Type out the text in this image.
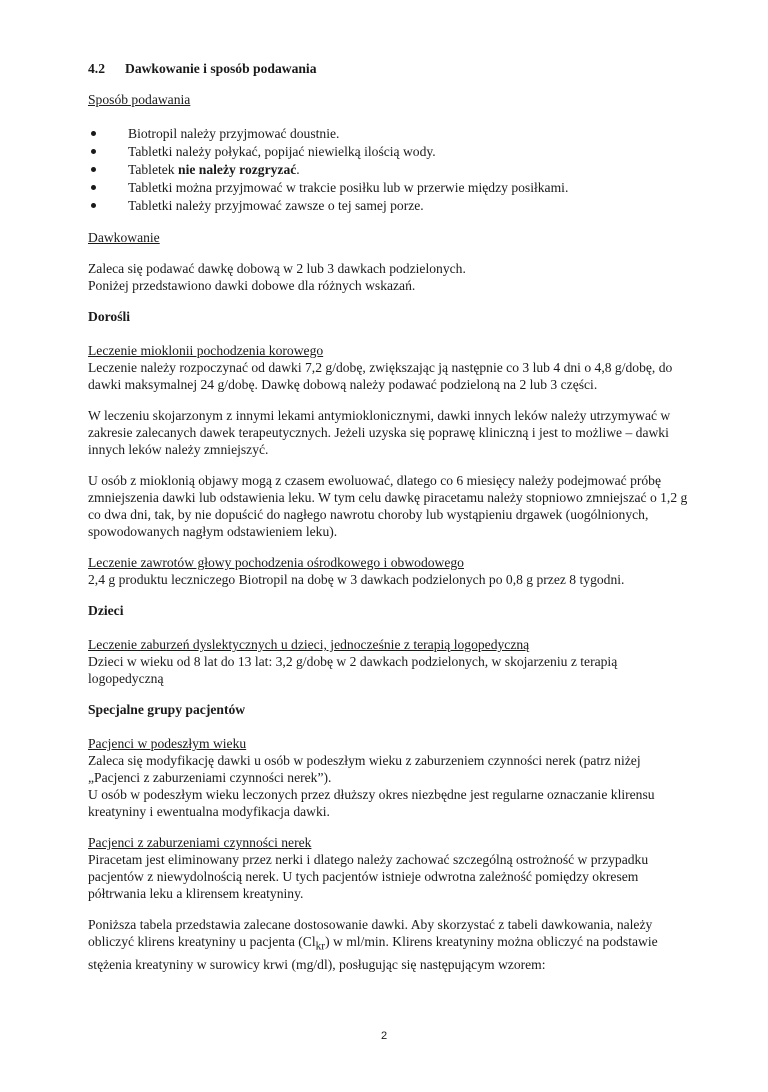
4.2 Dawkowanie i sposób podawania

Sposób podawania

Biotropil należy przyjmować doustnie.
Tabletki należy połykać, popijać niewielką ilością wody.
Tabletek nie należy rozgryzać.
Tabletki można przyjmować w trakcie posiłku lub w przerwie między posiłkami.
Tabletki należy przyjmować zawsze o tej samej porze.

Dawkowanie

Zaleca się podawać dawkę dobową w 2 lub 3 dawkach podzielonych.

Poniżej przedstawiono dawki dobowe dla różnych wskazań.

Dorośli

Leczenie mioklonii pochodzenia korowego

Leczenie należy rozpoczynać od dawki 7,2 g/dobę, zwiększając ją następnie co 3 lub 4 dni o 4,8 g/dobę, do dawki maksymalnej 24 g/dobę. Dawkę dobową należy podawać podzieloną na 2 lub 3 części.

W leczeniu skojarzonym z innymi lekami antymioklonicznymi, dawki innych leków należy utrzymywać w zakresie zalecanych dawek terapeutycznych. Jeżeli uzyska się poprawę kliniczną i jest to możliwe – dawki innych leków należy zmniejszyć.

U osób z mioklonią objawy mogą z czasem ewoluować, dlatego co 6 miesięcy należy podejmować próbę zmniejszenia dawki lub odstawienia leku. W tym celu dawkę piracetamu należy stopniowo zmniejszać o 1,2 g co dwa dni, tak, by nie dopuścić do nagłego nawrotu choroby lub wystąpieniu drgawek (uogólnionych, spowodowanych nagłym odstawieniem leku).

Leczenie zawrotów głowy pochodzenia ośrodkowego i obwodowego

2,4 g produktu leczniczego Biotropil na dobę w 3 dawkach podzielonych po 0,8 g przez 8 tygodni.

Dzieci

Leczenie zaburzeń dyslektycznych u dzieci, jednocześnie z terapią logopedyczną

Dzieci w wieku od 8 lat do 13 lat: 3,2 g/dobę w 2 dawkach podzielonych, w skojarzeniu z terapią logopedyczną

Specjalne grupy pacjentów

Pacjenci w podeszłym wieku

Zaleca się modyfikację dawki u osób w podeszłym wieku z zaburzeniem czynności nerek (patrz niżej „Pacjenci z zaburzeniami czynności nerek”).

U osób w podeszłym wieku leczonych przez dłuższy okres niezbędne jest regularne oznaczanie klirensu kreatyniny i ewentualna modyfikacja dawki.

Pacjenci z zaburzeniami czynności nerek

Piracetam jest eliminowany przez nerki i dlatego należy zachować szczególną ostrożność w przypadku pacjentów z niewydolnością nerek. U tych pacjentów istnieje odwrotna zależność pomiędzy okresem półtrwania leku a klirensem kreatyniny.

Poniższa tabela przedstawia zalecane dostosowanie dawki. Aby skorzystać z tabeli dawkowania, należy obliczyć klirens kreatyniny u pacjenta $(Cl_{kr})$ w ml/min. Klirens kreatyniny można obliczyć na podstawie stężenia kreatyniny w surowicy krwi (mg/dl), posługując się następującym wzorem:

2
